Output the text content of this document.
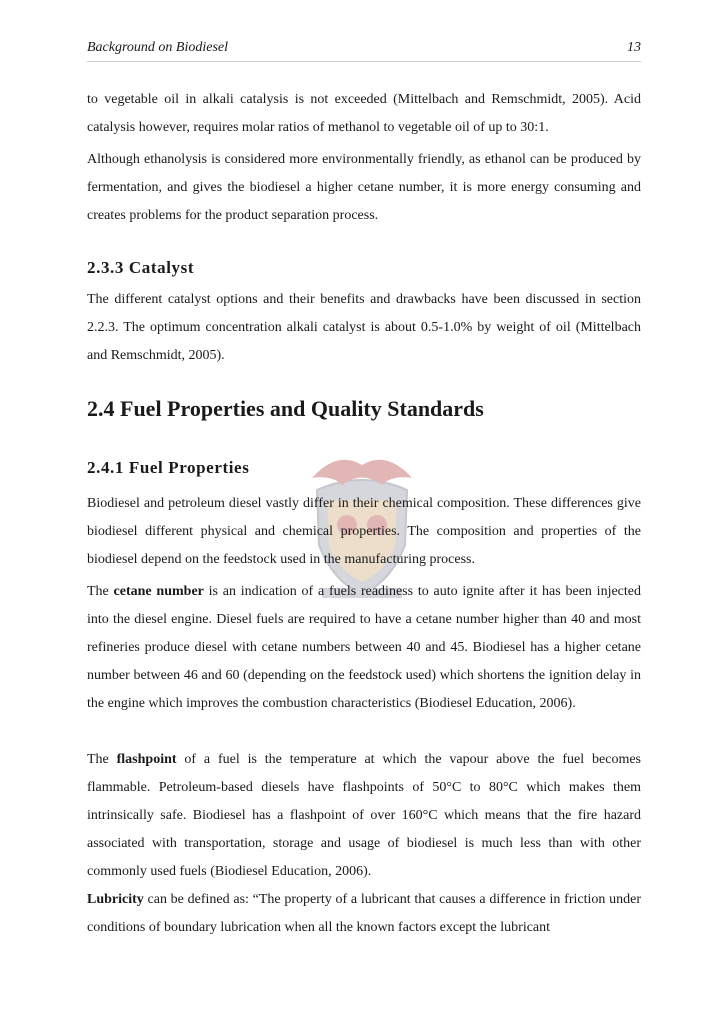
Background on Biodiesel	13

to vegetable oil in alkali catalysis is not exceeded (Mittelbach and Remschmidt, 2005). Acid catalysis however, requires molar ratios of methanol to vegetable oil of up to 30:1.

Although ethanolysis is considered more environmentally friendly, as ethanol can be produced by fermentation, and gives the biodiesel a higher cetane number, it is more energy consuming and creates problems for the product separation process.

2.3.3 Catalyst

The different catalyst options and their benefits and drawbacks have been discussed in section 2.2.3. The optimum concentration alkali catalyst is about 0.5-1.0% by weight of oil (Mittelbach and Remschmidt, 2005).

2.4 Fuel Properties and Quality Standards
2.4.1 Fuel Properties

Biodiesel and petroleum diesel vastly differ in their chemical composition. These differences give biodiesel different physical and chemical properties. The composition and properties of the biodiesel depend on the feedstock used in the manufacturing process.

The cetane number is an indication of a fuels readiness to auto ignite after it has been injected into the diesel engine. Diesel fuels are required to have a cetane number higher than 40 and most refineries produce diesel with cetane numbers between 40 and 45. Biodiesel has a higher cetane number between 46 and 60 (depending on the feedstock used) which shortens the ignition delay in the engine which improves the combustion characteristics (Biodiesel Education, 2006).

The flashpoint of a fuel is the temperature at which the vapour above the fuel becomes flammable. Petroleum-based diesels have flashpoints of 50°C to 80°C which makes them intrinsically safe. Biodiesel has a flashpoint of over 160°C which means that the fire hazard associated with transportation, storage and usage of biodiesel is much less than with other commonly used fuels (Biodiesel Education, 2006).

Lubricity can be defined as: “The property of a lubricant that causes a difference in friction under conditions of boundary lubrication when all the known factors except the lubricant
